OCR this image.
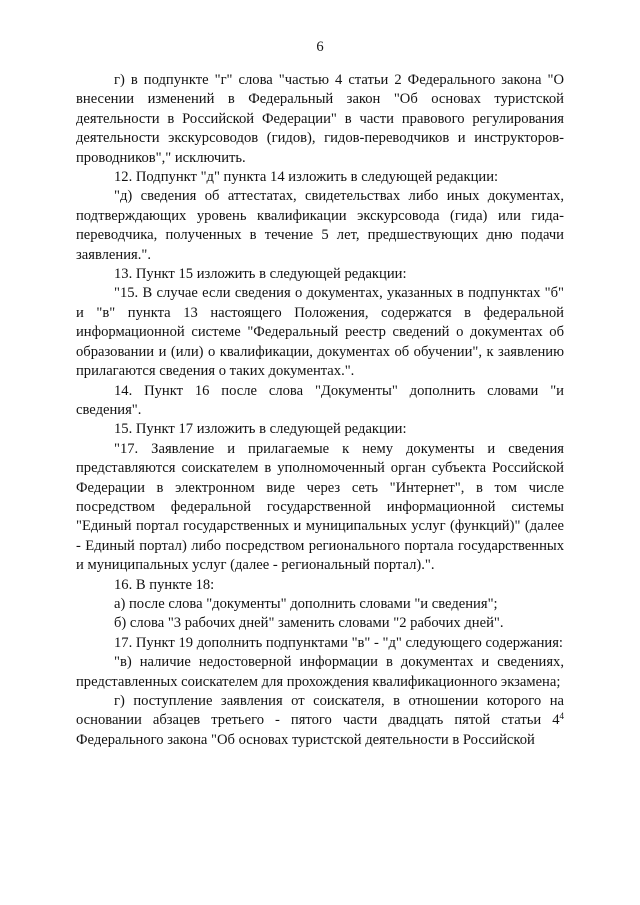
6

г) в подпункте "г" слова "частью 4 статьи 2 Федерального закона "О внесении изменений в Федеральный закон "Об основах туристской деятельности в Российской Федерации" в части правового регулирования деятельности экскурсоводов (гидов), гидов-переводчиков и инструкторов-проводников"," исключить.

12. Подпункт "д" пункта 14 изложить в следующей редакции:

"д) сведения об аттестатах, свидетельствах либо иных документах, подтверждающих уровень квалификации экскурсовода (гида) или гида-переводчика, полученных в течение 5 лет, предшествующих дню подачи заявления.".

13. Пункт 15 изложить в следующей редакции:

"15. В случае если сведения о документах, указанных в подпунктах "б" и "в" пункта 13 настоящего Положения, содержатся в федеральной информационной системе "Федеральный реестр сведений о документах об образовании и (или) о квалификации, документах об обучении", к заявлению прилагаются сведения о таких документах.".

14. Пункт 16 после слова "Документы" дополнить словами "и сведения".

15. Пункт 17 изложить в следующей редакции:

"17. Заявление и прилагаемые к нему документы и сведения представляются соискателем в уполномоченный орган субъекта Российской Федерации в электронном виде через сеть "Интернет", в том числе посредством федеральной государственной информационной системы "Единый портал государственных и муниципальных услуг (функций)" (далее - Единый портал) либо посредством регионального портала государственных и муниципальных услуг (далее - региональный портал).".

16. В пункте 18:

а) после слова "документы" дополнить словами "и сведения";

б) слова "3 рабочих дней" заменить словами "2 рабочих дней".

17. Пункт 19 дополнить подпунктами "в" - "д" следующего содержания:

"в) наличие недостоверной информации в документах и сведениях, представленных соискателем для прохождения квалификационного экзамена;

г) поступление заявления от соискателя, в отношении которого на основании абзацев третьего - пятого части двадцать пятой статьи $4^4$ Федерального закона "Об основах туристской деятельности в Российской
